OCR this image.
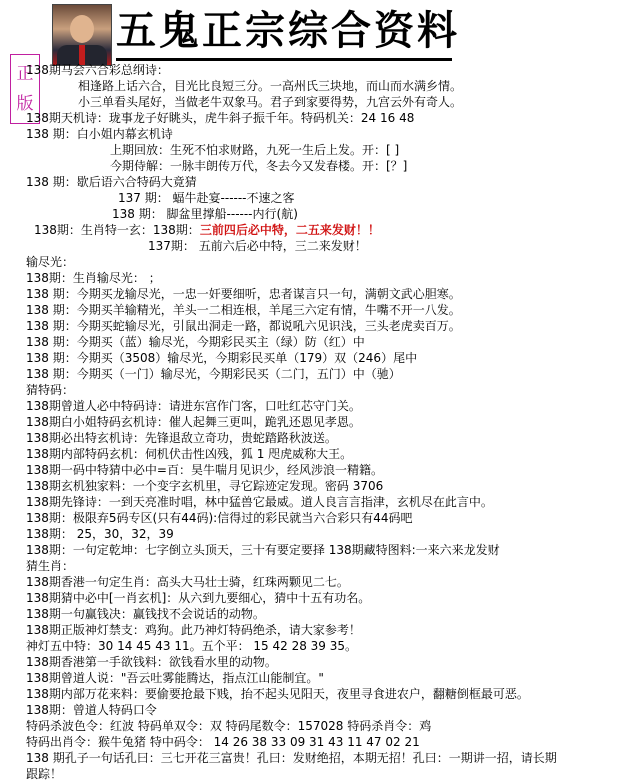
五鬼正宗综合资料
正
版
138期马会六合彩总纲诗：
相逢路上话六合，目光比良短三分。一高州氏三块地，而山而水满乡情。
小三单看头尾好，当做老牛双象马。君子到家要得势，九宫云外有奇人。
138期天机诗：珑事龙子好眺头，虎牛斜子振千年。特码机关：24 16 48
138 期：白小姐内幕玄机诗
上期回放：生死不怕求财路，九死一生后上发。开：[ ]
今期侍解：一脉丰朗传万代，冬去今又发春楼。开：[？]
138 期：歇后语六合特码大竟猜
137 期： 蝠牛赴宴------不速之客
138 期： 脚盆里撑船------内行(航)
138期：生肖特一玄：138期：三前四后必中特，二五来发财！！
137期： 五前六后必中特，三二来发财！
输尽光：
138期：生肖输尽光： ；
138 期：今期买龙输尽光，一忠一奸要细听，忠者谋言只一句，满朝文武心胆寒。
138 期：今期买羊输精光，羊头一二相连根，羊尾三六定有情，牛嘴不开一八发。
138 期：今期买蛇输尽光，引鼠出洞走一路，都说吼六见识浅，三头老虎卖百万。
138 期：今期买（蓝）输尽光，今期彩民买主（绿）防（红）中
138 期：今期买（3508）输尽光，今期彩民买单（179）双（246）尾中
138 期：今期买（一门）输尽光，今期彩民买（二门，五门）中（驰）
猜特码：
138期曾道人必中特码诗：请进东宫作门客，口吐红芯守门关。
138期白小姐特码玄机诗：催人起舞三更叫，跪乳还恩见孝恩。
138期必出特玄机诗：先锋退敌立奇功，贵蛇踏路秋波送。
138期内部特码玄机：伺机伏击性凶残，狐 1 咫虎威称大王。
138期一码中特猜中必中=百：昊牛喘月见识少，经风涉浪一精籍。
138期玄机独家料：一个变字玄机里，寻它踪迹定发现。密码 3706
138期先锋诗：一到天亮准时唱，林中猛兽它最威。道人良言言指津，玄机尽在此言中。
138期：极限弃5码专区(只有44码):信得过的彩民就当六合彩只有44码吧
138期： 25，30，32，39
138期：一句定乾坤：七字倒立头顶天，三十有要定要择 138期藏特图料:一来六来龙发财
猜生肖：
138期香港一句定生肖：高头大马壮士骑，红珠两颗见二七。
138期猜中必中[一肖玄机]：从六到九要细心，猜中十五有功名。
138期一句赢钱决：赢钱找不会说话的动物。
138期正版神灯禁支：鸡狗。此乃神灯特码绝杀，请大家参考！
神灯五中特：30 14 45 43 11。五个平： 15 42 28 39 35。
138期香港第一手欲钱料：欲钱看水里的动物。
138期曾道人说："吾云吐雾能腾达，指点江山能制宜。"
138期内部万花来料：要偷要抢最下贱，抬不起头见阳天，夜里寻食进农户，翻糖倒框最可恶。
138期：曾道人特码口令
特码杀波色令：红波 特码单双令：双 特码尾数令：157028 特码杀肖令：鸡
特码出肖令：猴牛兔猪 特中码令： 14 26 38 33 09 31 43 11 47 02 21
138 期孔子一句话孔曰：三七开花三富贵！孔曰：发财绝招，本期无招！孔曰：一期讲一招，请长期
跟踪！
